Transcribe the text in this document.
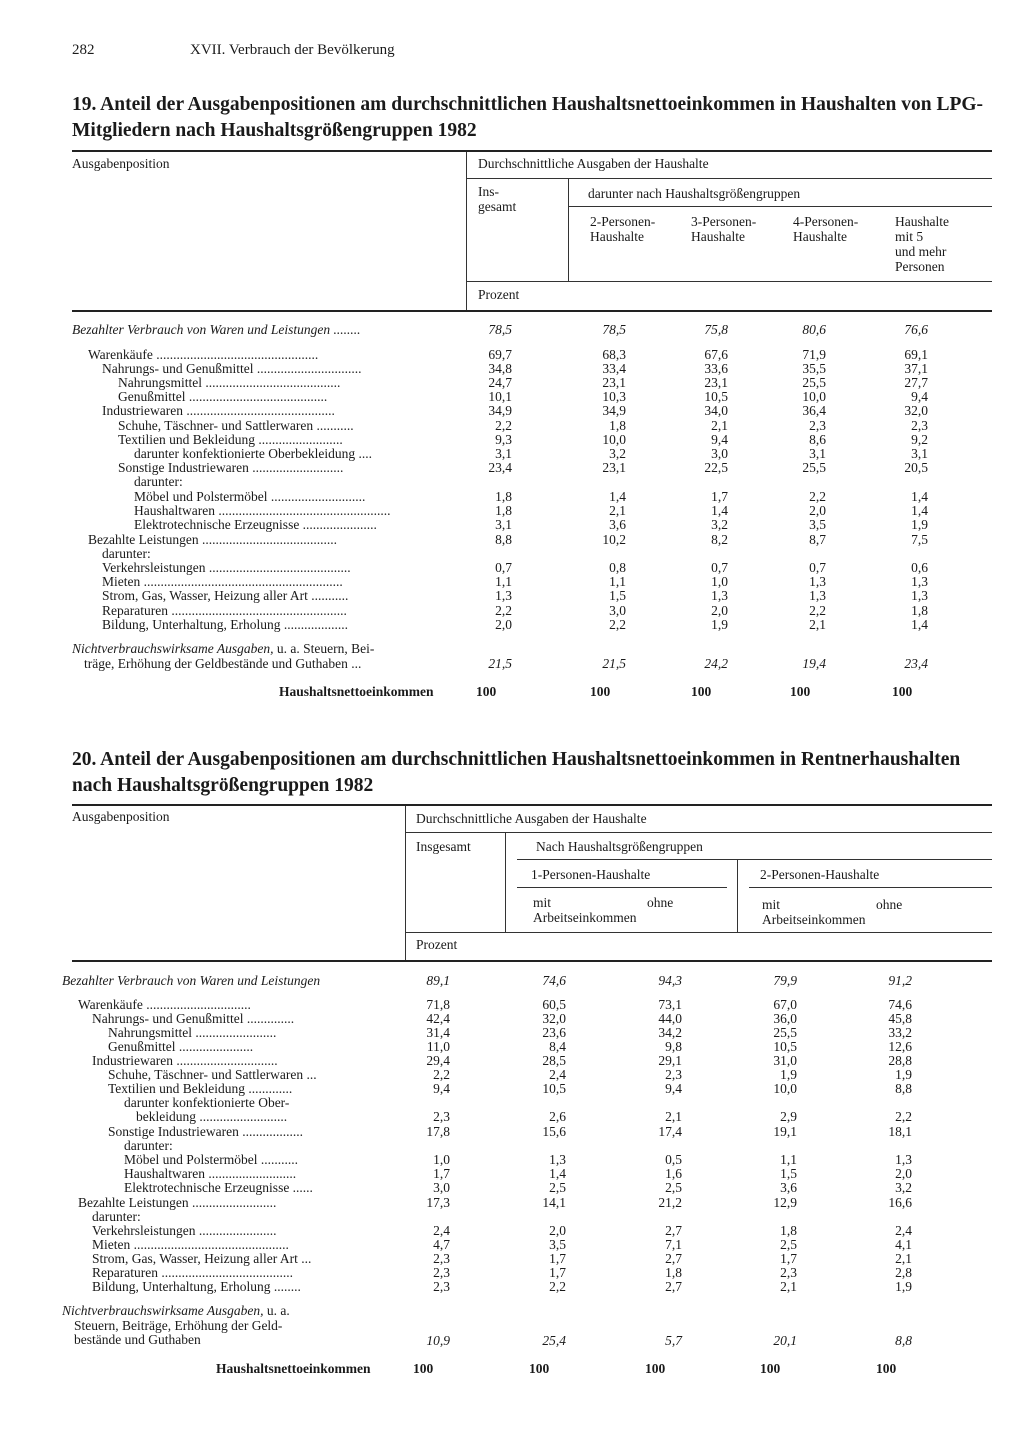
282	XVII. Verbrauch der Bevölkerung
19. Anteil der Ausgabenpositionen am durchschnittlichen Haushaltsnettoeinkommen in Haushalten von LPG-Mitgliedern nach Haushaltsgrößengruppen 1982
Ausgabenposition	Durchschnittliche Ausgaben der Haushalte
Ins-
gesamt
darunter nach Haushaltsgrößengruppen
2-Personen-
Haushalte
3-Personen-
Haushalte
4-Personen-
Haushalte
Haushalte
mit 5
und mehr
Personen
Prozent
Bezahlter Verbrauch von Waren und Leistungen ........	78,5	78,5	75,8	80,6	76,6
Warenkäufe ................................................	69,7	68,3	67,6	71,9	69,1
Nahrungs- und Genußmittel ...............................	34,8	33,4	33,6	35,5	37,1
Nahrungsmittel ........................................	24,7	23,1	23,1	25,5	27,7
Genußmittel .........................................	10,1	10,3	10,5	10,0	9,4
Industriewaren ............................................	34,9	34,9	34,0	36,4	32,0
Schuhe, Täschner- und Sattlerwaren ...........	2,2	1,8	2,1	2,3	2,3
Textilien und Bekleidung .........................	9,3	10,0	9,4	8,6	9,2
darunter konfektionierte Oberbekleidung ....	3,1	3,2	3,0	3,1	3,1
Sonstige Industriewaren ...........................	23,4	23,1	22,5	25,5	20,5
darunter:
Möbel und Polstermöbel ............................	1,8	1,4	1,7	2,2	1,4
Haushaltwaren ...................................................	1,8	2,1	1,4	2,0	1,4
Elektrotechnische Erzeugnisse ......................	3,1	3,6	3,2	3,5	1,9
Bezahlte Leistungen ........................................	8,8	10,2	8,2	8,7	7,5
darunter:
Verkehrsleistungen ..........................................	0,7	0,8	0,7	0,7	0,6
Mieten ...........................................................	1,1	1,1	1,0	1,3	1,3
Strom, Gas, Wasser, Heizung aller Art ...........	1,3	1,5	1,3	1,3	1,3
Reparaturen ....................................................	2,2	3,0	2,0	2,2	1,8
Bildung, Unterhaltung, Erholung ...................	2,0	2,2	1,9	2,1	1,4
Nichtverbrauchswirksame Ausgaben, u. a. Steuern, Bei-
träge, Erhöhung der Geldbestände und Guthaben ...	21,5	21,5	24,2	19,4	23,4
Haushaltsnettoeinkommen	100	100	100	100	100
20. Anteil der Ausgabenpositionen am durchschnittlichen Haushaltsnettoeinkommen in Rentnerhaushalten nach Haushaltsgrößengruppen 1982
Ausgabenposition	Durchschnittliche Ausgaben der Haushalte
Insgesamt	Nach Haushaltsgrößengruppen
1-Personen-Haushalte	2-Personen-Haushalte
mit	ohne
Arbeitseinkommen
mit	ohne
Arbeitseinkommen
Prozent
Bezahlter Verbrauch von Waren und Leistungen	89,1	74,6	94,3	79,9	91,2
Warenkäufe ...............................	71,8	60,5	73,1	67,0	74,6
Nahrungs- und Genußmittel ..............	42,4	32,0	44,0	36,0	45,8
Nahrungsmittel ........................	31,4	23,6	34,2	25,5	33,2
Genußmittel ......................	11,0	8,4	9,8	10,5	12,6
Industriewaren ..............................	29,4	28,5	29,1	31,0	28,8
Schuhe, Täschner- und Sattlerwaren ...	2,2	2,4	2,3	1,9	1,9
Textilien und Bekleidung .............	9,4	10,5	9,4	10,0	8,8
darunter konfektionierte Ober-
bekleidung ..........................	2,3	2,6	2,1	2,9	2,2
Sonstige Industriewaren ..................	17,8	15,6	17,4	19,1	18,1
darunter:
Möbel und Polstermöbel ...........	1,0	1,3	0,5	1,1	1,3
Haushaltwaren ..........................	1,7	1,4	1,6	1,5	2,0
Elektrotechnische Erzeugnisse ......	3,0	2,5	2,5	3,6	3,2
Bezahlte Leistungen .........................	17,3	14,1	21,2	12,9	16,6
darunter:
Verkehrsleistungen .......................	2,4	2,0	2,7	1,8	2,4
Mieten ..............................................	4,7	3,5	7,1	2,5	4,1
Strom, Gas, Wasser, Heizung aller Art ...	2,3	1,7	2,7	1,7	2,1
Reparaturen .......................................	2,3	1,7	1,8	2,3	2,8
Bildung, Unterhaltung, Erholung ........	2,3	2,2	2,7	2,1	1,9
Nichtverbrauchswirksame Ausgaben, u. a.
Steuern, Beiträge, Erhöhung der Geld-
bestände und Guthaben	10,9	25,4	5,7	20,1	8,8
Haushaltsnettoeinkommen	100	100	100	100	100
